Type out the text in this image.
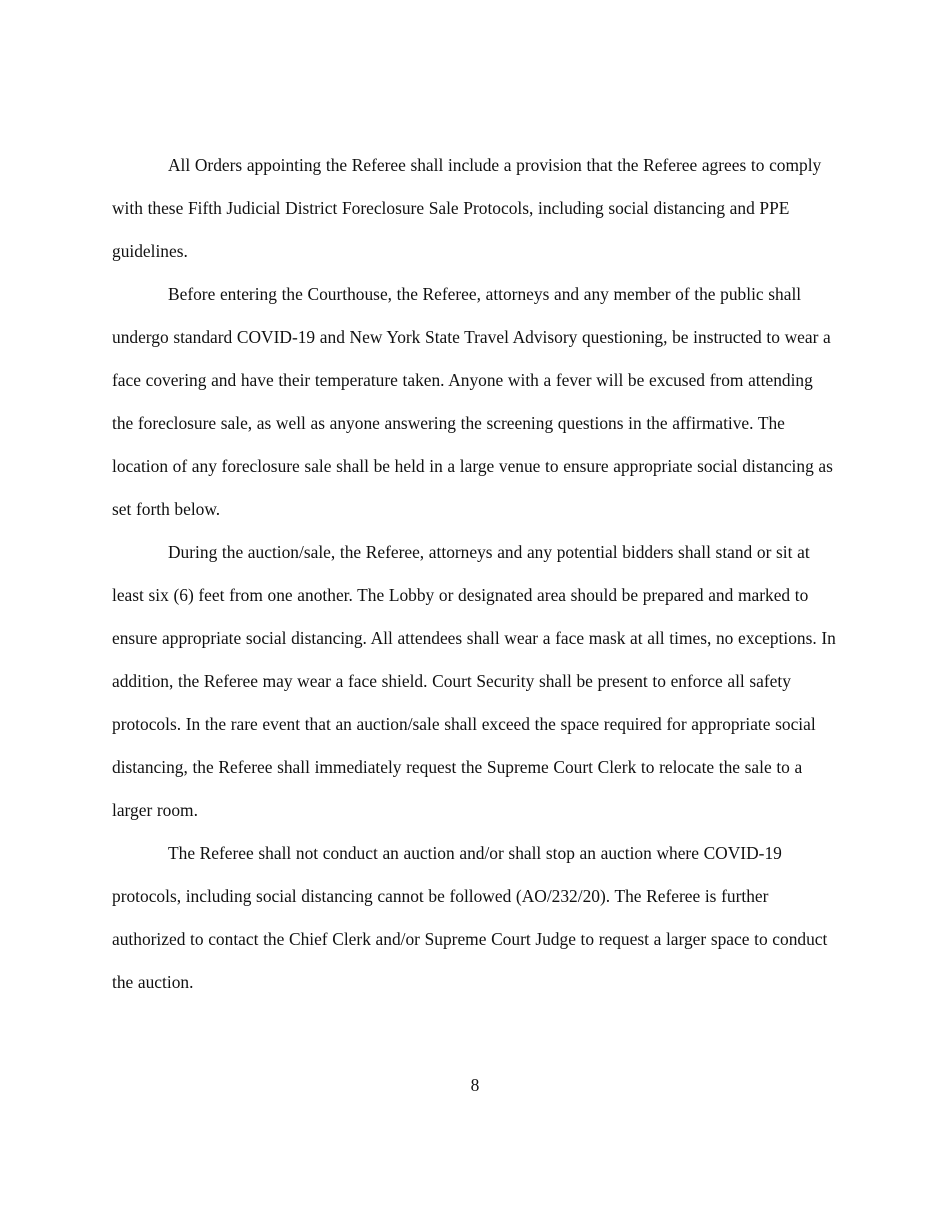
All Orders appointing the Referee shall include a provision that the Referee agrees to comply with these Fifth Judicial District Foreclosure Sale Protocols, including social distancing and PPE guidelines.

Before entering the Courthouse, the Referee, attorneys and any member of the public shall undergo standard COVID-19 and New York State Travel Advisory questioning, be instructed to wear a face covering and have their temperature taken. Anyone with a fever will be excused from attending the foreclosure sale, as well as anyone answering the screening questions in the affirmative. The location of any foreclosure sale shall be held in a large venue to ensure appropriate social distancing as set forth below.

During the auction/sale, the Referee, attorneys and any potential bidders shall stand or sit at least six (6) feet from one another. The Lobby or designated area should be prepared and marked to ensure appropriate social distancing. All attendees shall wear a face mask at all times, no exceptions. In addition, the Referee may wear a face shield. Court Security shall be present to enforce all safety protocols. In the rare event that an auction/sale shall exceed the space required for appropriate social distancing, the Referee shall immediately request the Supreme Court Clerk to relocate the sale to a larger room.

The Referee shall not conduct an auction and/or shall stop an auction where COVID-19 protocols, including social distancing cannot be followed (AO/232/20). The Referee is further authorized to contact the Chief Clerk and/or Supreme Court Judge to request a larger space to conduct the auction.

8
